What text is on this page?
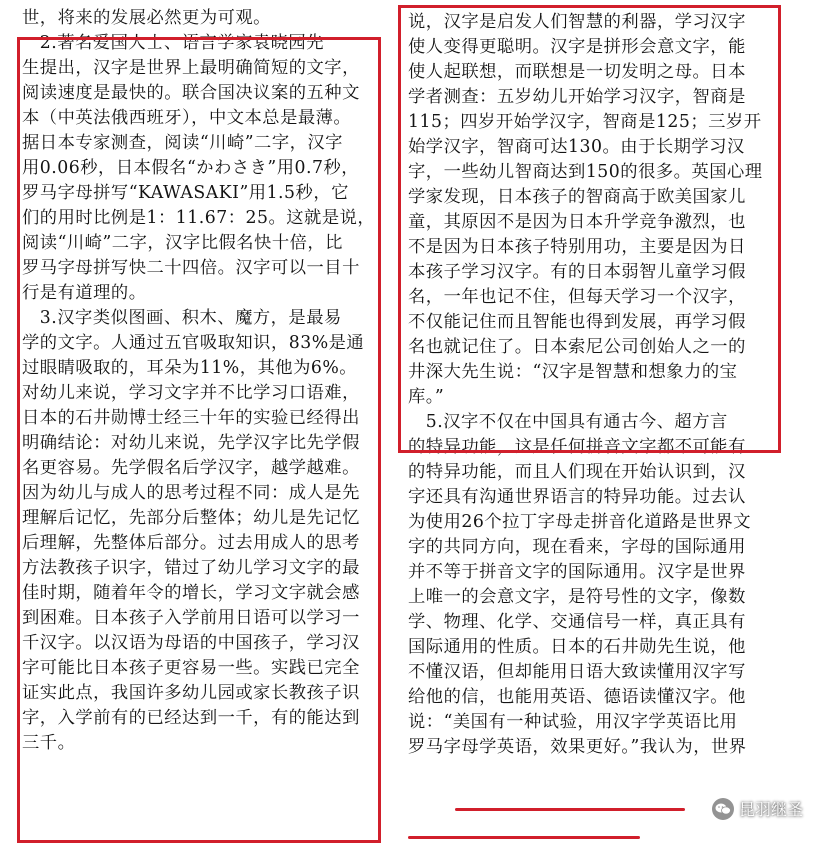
世，将来的发展必然更为可观。
　2.著名爱国人士、语言学家袁晓园先
生提出，汉字是世界上最明确简短的文字，
阅读速度是最快的。联合国决议案的五种文
本（中英法俄西班牙），中文本总是最薄。
据日本专家测查，阅读“川崎”二字，汉字
用0.06秒，日本假名“かわさき”用0.7秒，
罗马字母拼写“KAWASAKI”用1.5秒，它
们的用时比例是1：11.67：25。这就是说，
阅读“川崎”二字，汉字比假名快十倍，比
罗马字母拼写快二十四倍。汉字可以一目十
行是有道理的。
　3.汉字类似图画、积木、魔方，是最易
学的文字。人通过五官吸取知识，83%是通
过眼睛吸取的，耳朵为11%，其他为6%。
对幼儿来说，学习文字并不比学习口语难，
日本的石井勋博士经三十年的实验已经得出
明确结论：对幼儿来说，先学汉字比先学假
名更容易。先学假名后学汉字，越学越难。
因为幼儿与成人的思考过程不同：成人是先
理解后记忆，先部分后整体；幼儿是先记忆
后理解，先整体后部分。过去用成人的思考
方法教孩子识字，错过了幼儿学习文字的最
佳时期，随着年令的增长，学习文字就会感
到困难。日本孩子入学前用日语可以学习一
千汉字。以汉语为母语的中国孩子，学习汉
字可能比日本孩子更容易一些。实践已完全
证实此点，我国许多幼儿园或家长教孩子识
字，入学前有的已经达到一千，有的能达到
三千。
说，汉字是启发人们智慧的利器，学习汉字
使人变得更聪明。汉字是拼形会意文字，能
使人起联想，而联想是一切发明之母。日本
学者测查：五岁幼儿开始学习汉字，智商是
115；四岁开始学汉字，智商是125；三岁开
始学汉字，智商可达130。由于长期学习汉
字，一些幼儿智商达到150的很多。英国心理
学家发现，日本孩子的智商高于欧美国家儿
童，其原因不是因为日本升学竞争激烈，也
不是因为日本孩子特别用功，主要是因为日
本孩子学习汉字。有的日本弱智儿童学习假
名，一年也记不住，但每天学习一个汉字，
不仅能记住而且智能也得到发展，再学习假
名也就记住了。日本索尼公司创始人之一的
井深大先生说：“汉字是智慧和想象力的宝
库。”
　5.汉字不仅在中国具有通古今、超方言
的特异功能，这是任何拼音文字都不可能有
的特异功能，而且人们现在开始认识到，汉
字还具有沟通世界语言的特异功能。过去认
为使用26个拉丁字母走拼音化道路是世界文
字的共同方向，现在看来，字母的国际通用
并不等于拼音文字的国际通用。汉字是世界
上唯一的会意文字，是符号性的文字，像数
学、物理、化学、交通信号一样，真正具有
国际通用的性质。日本的石井勋先生说，他
不懂汉语，但却能用日语大致读懂用汉字写
给他的信，也能用英语、德语读懂汉字。他
说：“美国有一种试验，用汉字学英语比用
罗马字母学英语，效果更好。”我认为，世界
昆羽继圣
